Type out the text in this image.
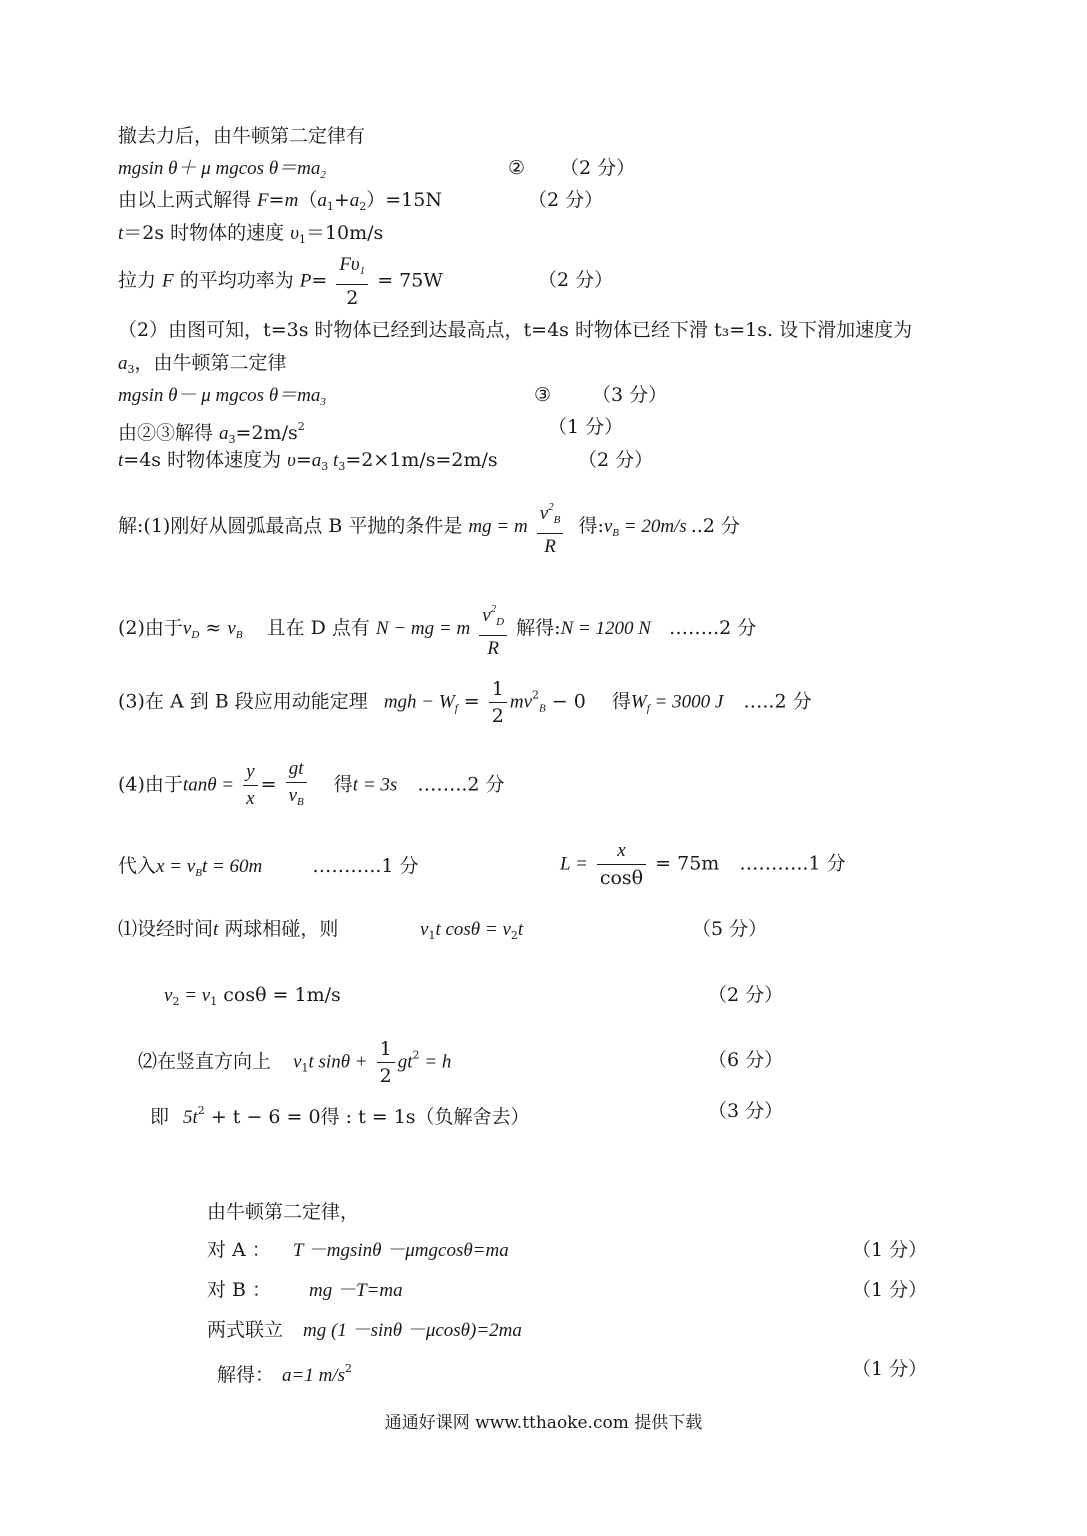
撤去力后，由牛顿第二定律有
mgsin θ＋ μ mgcos $\theta=ma_2$	② （2 分）
由以上两式解得 $F=m(a_1+a_2)=15N$	（2 分）
t＝2s 时物体的速度 $\upsilon_1=10m/s$
拉力 F 的平均功率为 $P= \frac{F\upsilon_1}{2} = 75W$	（2 分）
（2）由图可知，t=3s 时物体已经到达最高点，t=4s 时物体已经下滑 t₃=1s. 设下滑加速度为
$a_3$，由牛顿第二定律
mgsin θ－ μ mgcos $\theta=ma_3$	③ （3 分）
由②③解得 $a_3=2m/s^2$	（1 分）
t=4s 时物体速度为 $\upsilon=a_3$ $t_3=2\times 1m/s=2m/s$	（2 分）
解:(1)刚好从圆弧最高点 B 平抛的条件是 mg = m $\frac{v^2_B}{R}$ 得$:v_B = 20m/s$ ..2 分
(2)由于$v_D \approx v_B$ 且在 D 点有 N − mg = m $\frac{v^2_D}{R}$ 解得:N = 1200 N ……..2 分
(3)在 A 到 B 段应用动能定理 mgh − $W_f = \frac{1}{2} mv^2_B - 0$ 得$W_f = 3000$ J …..2 分
(4)由于$\tan\theta = \frac{y}{x} = \frac{gt}{v_B}$ 得t = 3s ……..2 分
代入$x = v_Bt = 60m$	………..1 分	$L = \frac{x}{\cos\theta} = 75m$ ………..1 分
⑴设经时间t 两球相碰，则	$v_1t$ $\cos\theta = v_2t$	（5 分）
$v_2 = v_1$ cosθ = 1m/s	（2 分）
⑵在竖直方向上 $v_1t$ $\sin\theta + \frac{1}{2} gt^2 = h$	（6 分）
即 $5t^2 + t - 6 = 0$得 : t = 1s（负解舍去）	（3 分）
由牛顿第二定律，
对 A ： T －mgsinθ －μmgcosθ=ma	（1 分）
对 B ： mg －T=ma	（1 分）
两式联立 mg (1 －sinθ －μcosθ)=2ma
解得： a=1 $m/s^2$	（1 分）
通通好课网 www.tthaoke.com 提供下载
